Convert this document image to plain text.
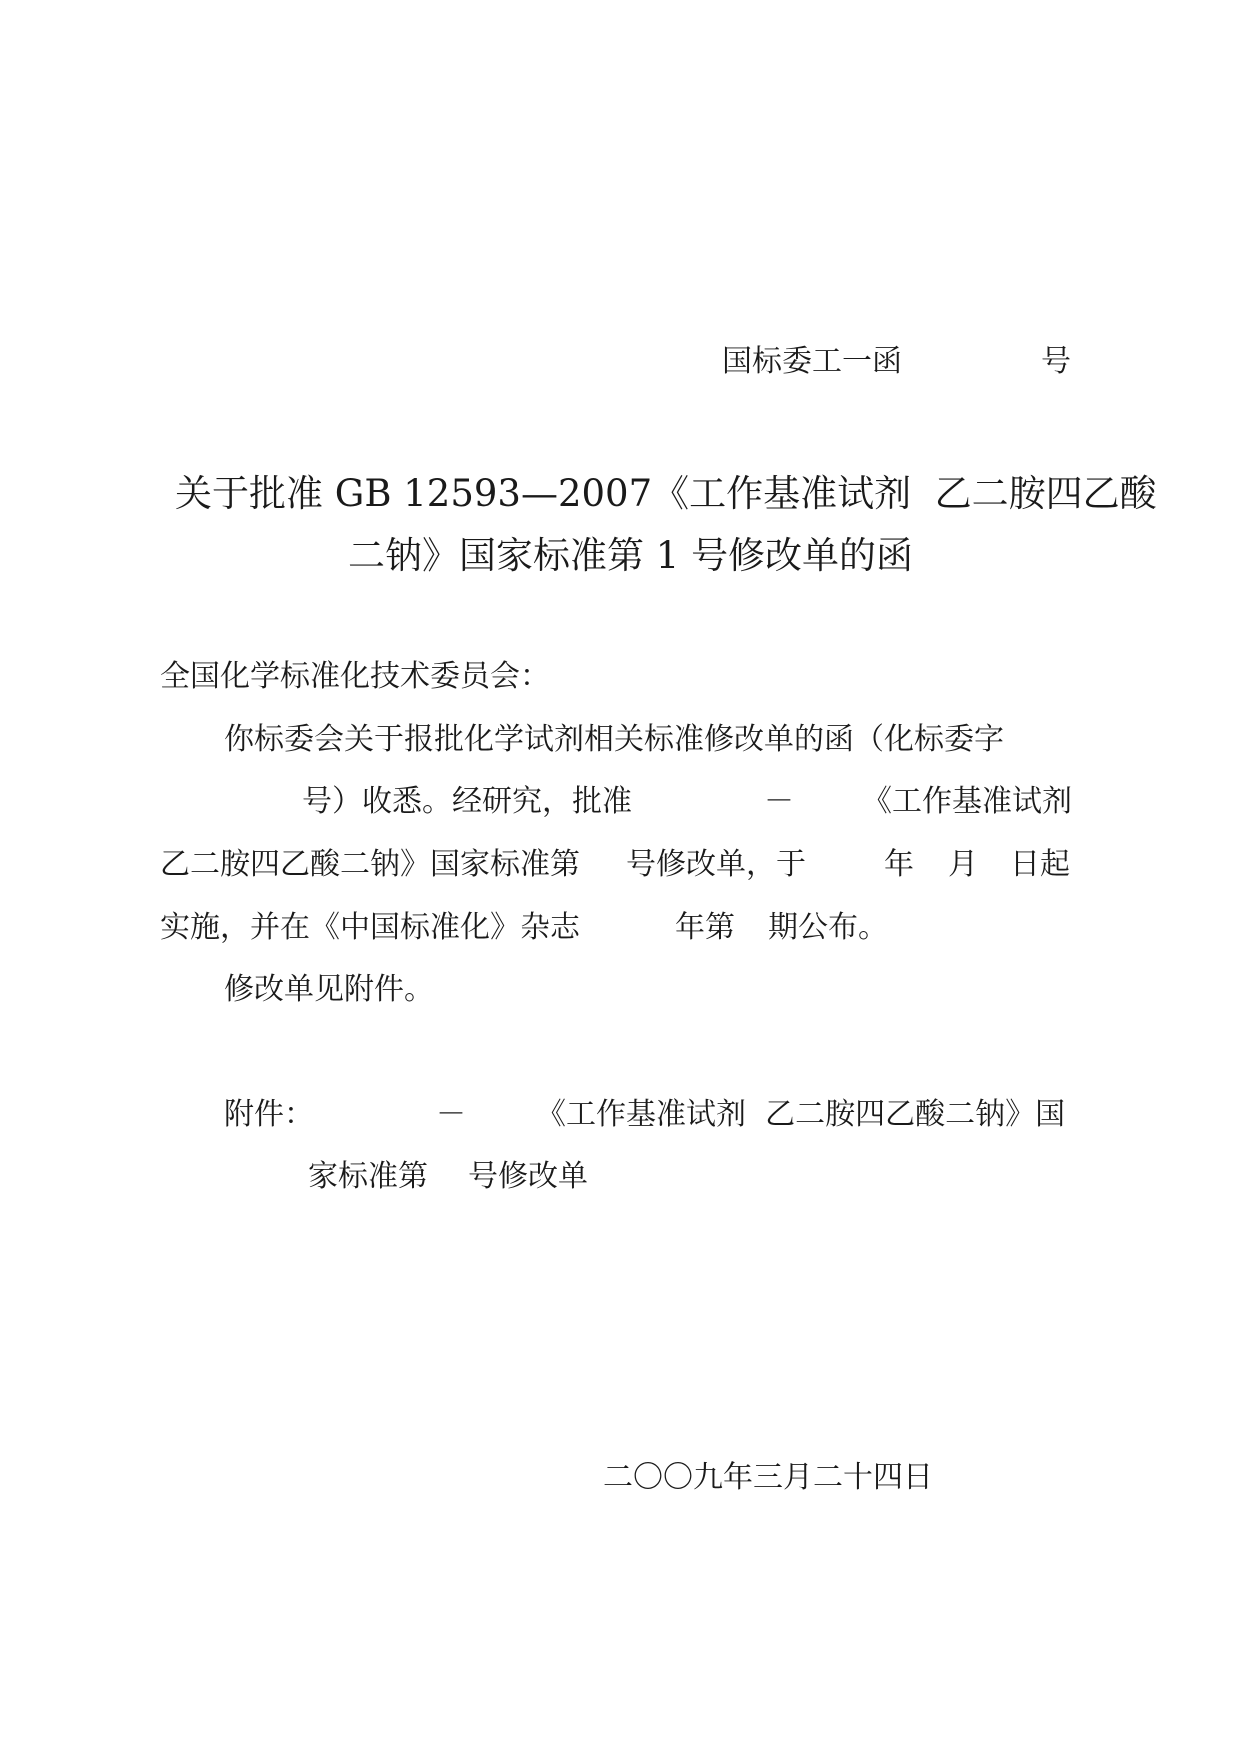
国标委工一函	号
关于批准 GB 12593—2007《工作基准试剂  乙二胺四乙酸
二钠》国家标准第 1 号修改单的函
全国化学标准化技术委员会：
你标委会关于报批化学试剂相关标准修改单的函（化标委字
号）收悉。经研究，批准	－ 《工作基准试剂
乙二胺四乙酸二钠》国家标准第 号修改单，于	年 月 日起
实施，并在《中国标准化》杂志	年第 期公布。
修改单见附件。
附件：	－ 《工作基准试剂  乙二胺四乙酸二钠》国
家标准第 号修改单
二〇〇九年三月二十四日
